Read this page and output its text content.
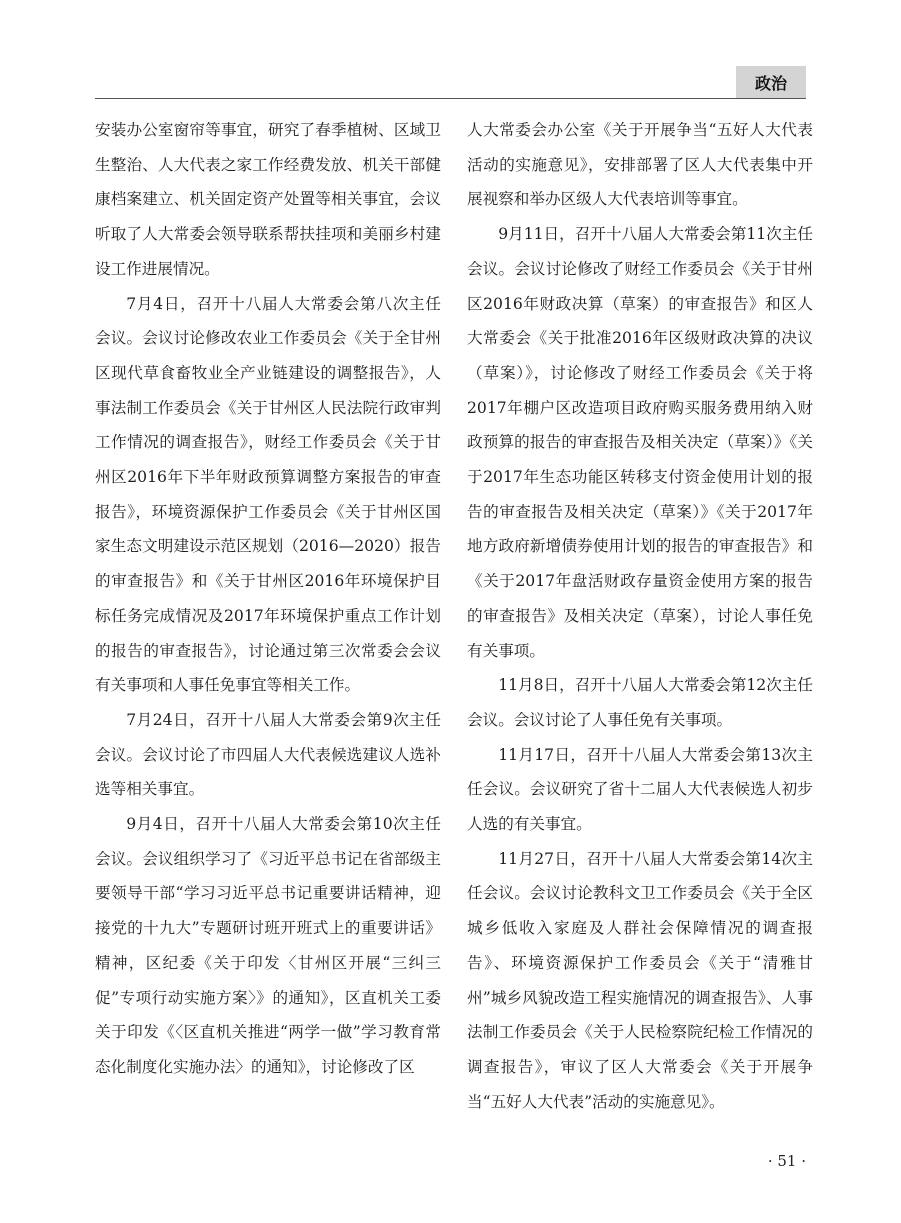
政治

安装办公室窗帘等事宜，研究了春季植树、区域卫生整治、人大代表之家工作经费发放、机关干部健康档案建立、机关固定资产处置等相关事宜，会议听取了人大常委会领导联系帮扶挂项和美丽乡村建设工作进展情况。

7月4日，召开十八届人大常委会第八次主任会议。会议讨论修改农业工作委员会《关于全甘州区现代草食畜牧业全产业链建设的调整报告》，人事法制工作委员会《关于甘州区人民法院行政审判工作情况的调查报告》，财经工作委员会《关于甘州区2016年下半年财政预算调整方案报告的审查报告》，环境资源保护工作委员会《关于甘州区国家生态文明建设示范区规划（2016—2020）报告的审查报告》和《关于甘州区2016年环境保护目标任务完成情况及2017年环境保护重点工作计划的报告的审查报告》，讨论通过第三次常委会会议有关事项和人事任免事宜等相关工作。

7月24日，召开十八届人大常委会第9次主任会议。会议讨论了市四届人大代表候选建议人选补选等相关事宜。

9月4日，召开十八届人大常委会第10次主任会议。会议组织学习了《习近平总书记在省部级主要领导干部“学习习近平总书记重要讲话精神，迎接党的十九大”专题研讨班开班式上的重要讲话》精神，区纪委《关于印发〈甘州区开展“三纠三促”专项行动实施方案〉》的通知》，区直机关工委关于印发《〈区直机关推进“两学一做”学习教育常态化制度化实施办法〉的通知》，讨论修改了区

人大常委会办公室《关于开展争当“五好人大代表活动的实施意见》，安排部署了区人大代表集中开展视察和举办区级人大代表培训等事宜。

9月11日，召开十八届人大常委会第11次主任会议。会议讨论修改了财经工作委员会《关于甘州区2016年财政决算（草案）的审查报告》和区人大常委会《关于批准2016年区级财政决算的决议（草案）》，讨论修改了财经工作委员会《关于将2017年棚户区改造项目政府购买服务费用纳入财政预算的报告的审查报告及相关决定（草案）》《关于2017年生态功能区转移支付资金使用计划的报告的审查报告及相关决定（草案）》《关于2017年地方政府新增债券使用计划的报告的审查报告》和《关于2017年盘活财政存量资金使用方案的报告的审查报告》及相关决定（草案），讨论人事任免有关事项。

11月8日，召开十八届人大常委会第12次主任会议。会议讨论了人事任免有关事项。

11月17日，召开十八届人大常委会第13次主任会议。会议研究了省十二届人大代表候选人初步人选的有关事宜。

11月27日，召开十八届人大常委会第14次主任会议。会议讨论教科文卫工作委员会《关于全区城乡低收入家庭及人群社会保障情况的调查报告》、环境资源保护工作委员会《关于“清雅甘州”城乡风貌改造工程实施情况的调查报告》、人事法制工作委员会《关于人民检察院纪检工作情况的调查报告》，审议了区人大常委会《关于开展争当“五好人大代表”活动的实施意见》。

· 51 ·
